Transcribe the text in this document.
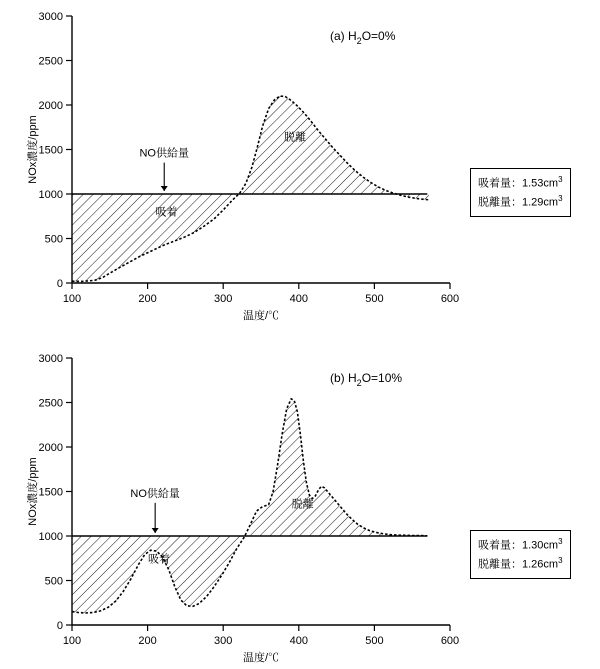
100	200	300	400	500	600
0
500
1000
1500
2000
2500
3000
温度/℃
NOx濃度/ppm
(a) $H_2O=0\%$
吸着
脱離
NO供給量
吸着量：$1.53cm^3$
脱離量：$1.29cm^3$
100	200	300	400	500	600
0
500
1000
1500
2000
2500
3000
温度/℃
NOx濃度/ppm
(b) $H_2O=10\%$
吸着
脱離
NO供給量
吸着量：$1.30cm^3$
脱離量：$1.26cm^3$
